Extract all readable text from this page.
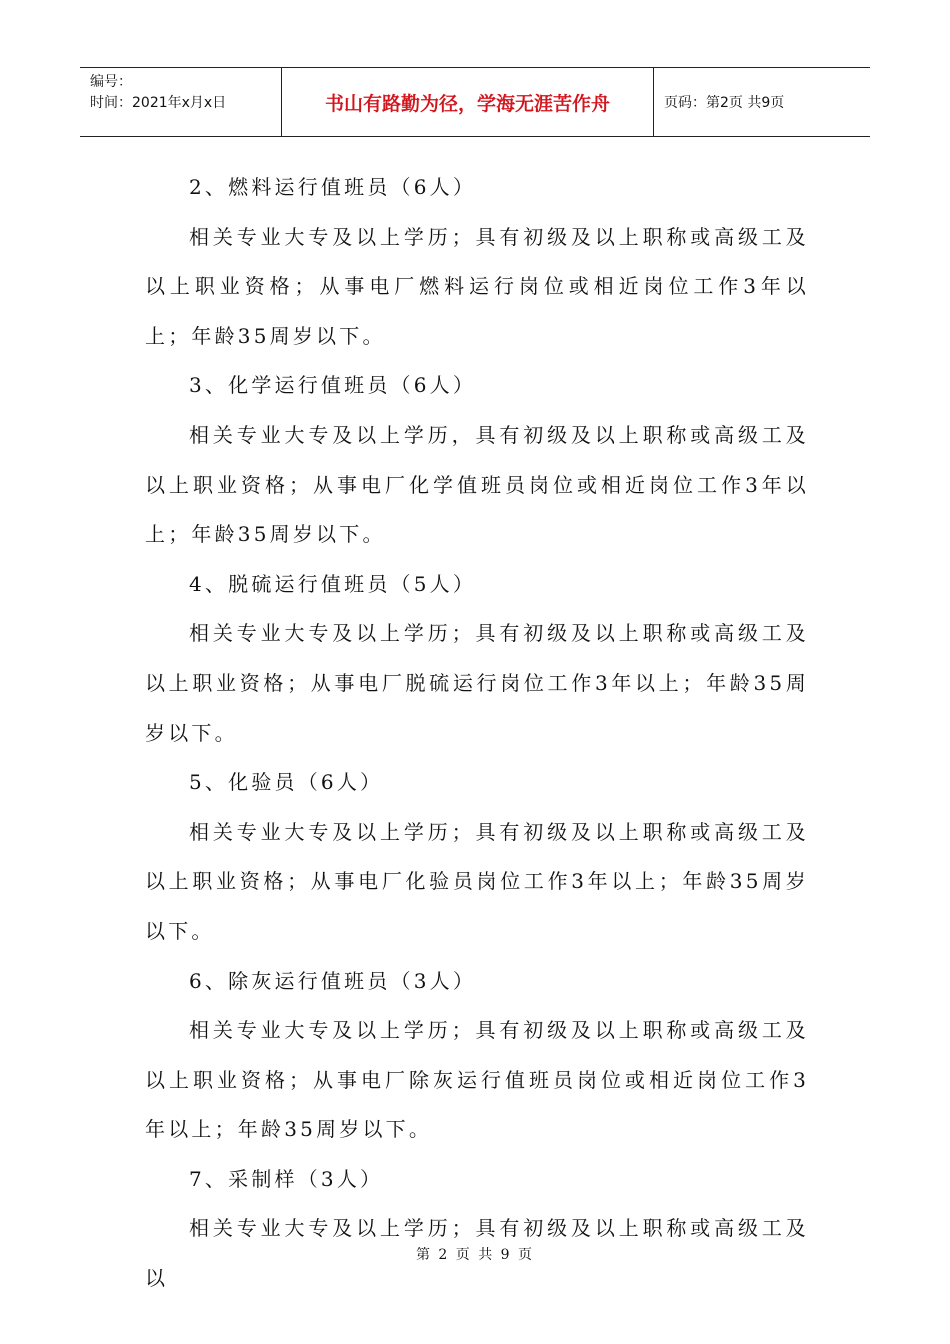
编号：
时间：2021年x月x日	书山有路勤为径，学海无涯苦作舟	页码：第2页 共9页

2、燃料运行值班员（6人）

相关专业大专及以上学历；具有初级及以上职称或高级工及以上职业资格；从事电厂燃料运行岗位或相近岗位工作3年以上；年龄35周岁以下。

3、化学运行值班员（6人）

相关专业大专及以上学历，具有初级及以上职称或高级工及以上职业资格；从事电厂化学值班员岗位或相近岗位工作3年以上；年龄35周岁以下。

4、脱硫运行值班员（5人）

相关专业大专及以上学历；具有初级及以上职称或高级工及以上职业资格；从事电厂脱硫运行岗位工作3年以上；年龄35周岁以下。

5、化验员（6人）

相关专业大专及以上学历；具有初级及以上职称或高级工及以上职业资格；从事电厂化验员岗位工作3年以上；年龄35周岁以下。

6、除灰运行值班员（3人）

相关专业大专及以上学历；具有初级及以上职称或高级工及以上职业资格；从事电厂除灰运行值班员岗位或相近岗位工作3年以上；年龄35周岁以下。

7、采制样（3人）

相关专业大专及以上学历；具有初级及以上职称或高级工及以

第 2 页 共 9 页
